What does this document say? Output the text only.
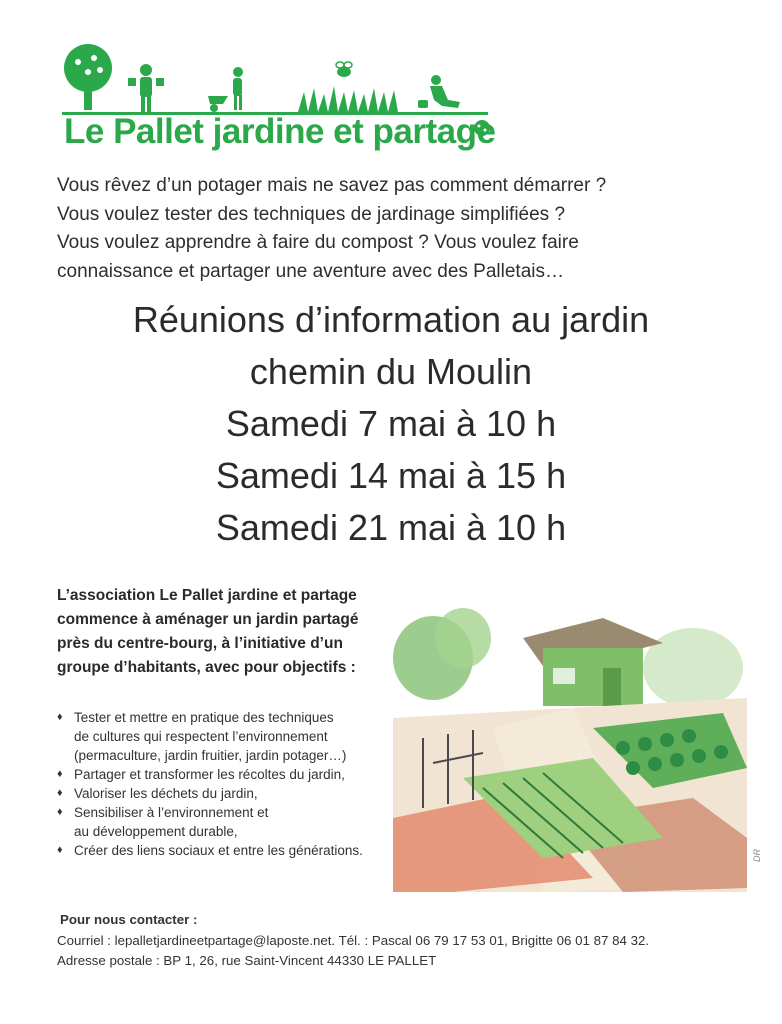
Le Pallet jardine et partage
Vous rêvez d’un potager mais ne savez pas comment démarrer ?
Vous voulez tester des techniques de jardinage simplifiées ?
Vous voulez apprendre à faire du compost ? Vous voulez faire
connaissance et partager une aventure avec des Palletais…
Réunions d’information au jardin
chemin du Moulin
Samedi 7 mai à 10 h
Samedi 14 mai à 15 h
Samedi 21 mai à 10 h
L’association Le Pallet jardine et partage
commence à aménager un jardin partagé
près du centre-bourg, à l’initiative d’un
groupe d’habitants, avec pour objectifs :
♦ Tester et mettre en pratique des techniques
de cultures qui respectent l’environnement
(permaculture, jardin fruitier, jardin potager…)
♦ Partager et transformer les récoltes du jardin,
♦ Valoriser les déchets du jardin,
♦ Sensibiliser à l’environnement et
au développement durable,
♦ Créer des liens sociaux et entre les générations.	DR
Pour nous contacter :
Courriel : lepalletjardineetpartage@laposte.net. Tél. : Pascal 06 79 17 53 01, Brigitte 06 01 87 84 32.
Adresse postale : BP 1, 26, rue Saint-Vincent 44330 LE PALLET
